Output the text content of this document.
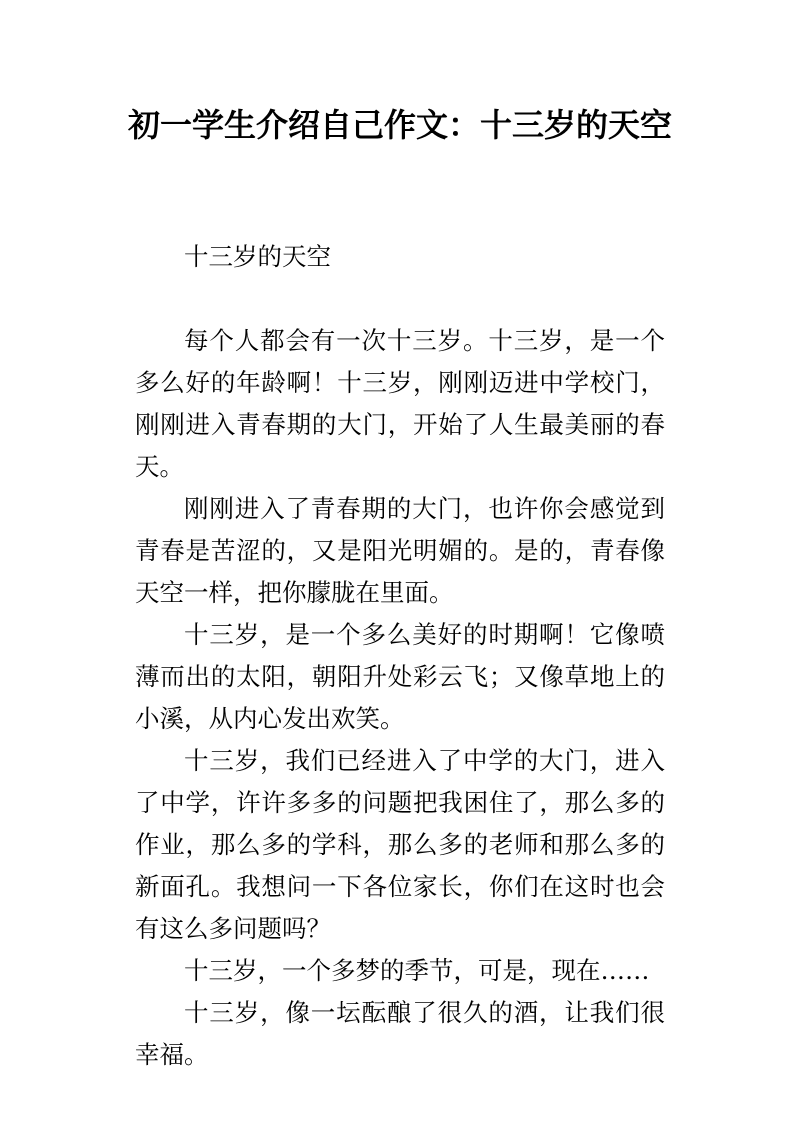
初一学生介绍自己作文：十三岁的天空

十三岁的天空

每个人都会有一次十三岁。十三岁，是一个多么好的年龄啊！十三岁，刚刚迈进中学校门，刚刚进入青春期的大门，开始了人生最美丽的春天。

刚刚进入了青春期的大门，也许你会感觉到青春是苦涩的，又是阳光明媚的。是的，青春像天空一样，把你朦胧在里面。

十三岁，是一个多么美好的时期啊！它像喷薄而出的太阳，朝阳升处彩云飞；又像草地上的小溪，从内心发出欢笑。

十三岁，我们已经进入了中学的大门，进入了中学，许许多多的问题把我困住了，那么多的作业，那么多的学科，那么多的老师和那么多的新面孔。我想问一下各位家长，你们在这时也会有这么多问题吗？

十三岁，一个多梦的季节，可是，现在……

十三岁，像一坛酝酿了很久的酒，让我们很幸福。
